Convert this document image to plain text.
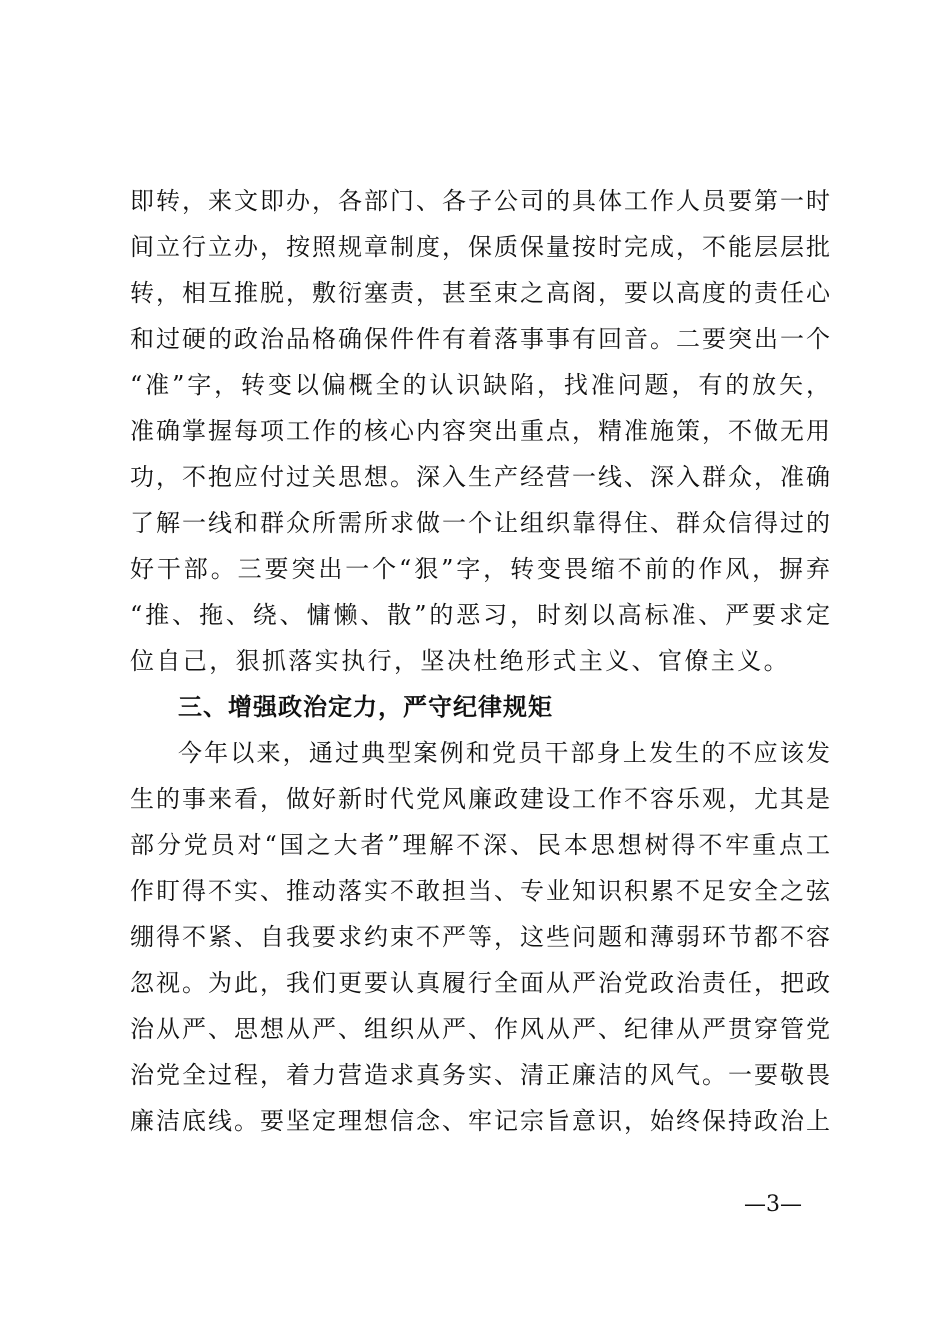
即转，来文即办，各部门、各子公司的具体工作人员要第一时
间立行立办，按照规章制度，保质保量按时完成，不能层层批
转，相互推脱，敷衍塞责，甚至束之高阁，要以高度的责任心
和过硬的政治品格确保件件有着落事事有回音。二要突出一个
“准”字，转变以偏概全的认识缺陷，找准问题，有的放矢，
准确掌握每项工作的核心内容突出重点，精准施策，不做无用
功，不抱应付过关思想。深入生产经营一线、深入群众，准确
了解一线和群众所需所求做一个让组织靠得住、群众信得过的
好干部。三要突出一个“狠”字，转变畏缩不前的作风，摒弃
“推、拖、绕、慵懒、散”的恶习，时刻以高标准、严要求定
位自己，狠抓落实执行，坚决杜绝形式主义、官僚主义。
三、增强政治定力，严守纪律规矩
今年以来，通过典型案例和党员干部身上发生的不应该发
生的事来看，做好新时代党风廉政建设工作不容乐观，尤其是
部分党员对“国之大者”理解不深、民本思想树得不牢重点工
作盯得不实、推动落实不敢担当、专业知识积累不足安全之弦
绷得不紧、自我要求约束不严等，这些问题和薄弱环节都不容
忽视。为此，我们更要认真履行全面从严治党政治责任，把政
治从严、思想从严、组织从严、作风从严、纪律从严贯穿管党
治党全过程，着力营造求真务实、清正廉洁的风气。一要敬畏
廉洁底线。要坚定理想信念、牢记宗旨意识，始终保持政治上
—3—
